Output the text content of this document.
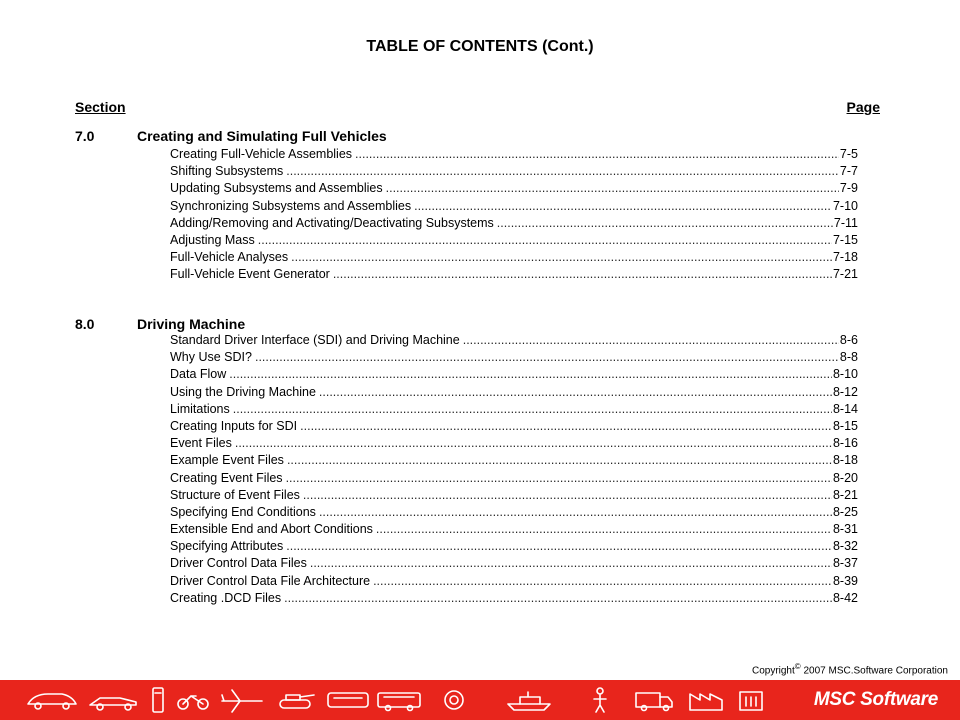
TABLE OF CONTENTS (Cont.)
Section	Page
7.0	Creating and Simulating Full Vehicles
Creating Full-Vehicle Assemblies .....	7-5
Shifting Subsystems .....	7-7
Updating Subsystems and Assemblies .....	7-9
Synchronizing Subsystems and Assemblies .....	7-10
Adding/Removing and Activating/Deactivating Subsystems .....	7-11
Adjusting Mass .....	7-15
Full-Vehicle Analyses .....	7-18
Full-Vehicle Event Generator .....	7-21
8.0	Driving Machine
Standard Driver Interface (SDI) and Driving Machine .....	8-6
Why Use SDI? .....	8-8
Data Flow .....	8-10
Using the Driving Machine .....	8-12
Limitations .....	8-14
Creating Inputs for SDI .....	8-15
Event Files .....	8-16
Example Event Files .....	8-18
Creating Event Files .....	8-20
Structure of Event Files .....	8-21
Specifying End Conditions .....	8-25
Extensible End and Abort Conditions .....	8-31
Specifying Attributes .....	8-32
Driver Control Data Files .....	8-37
Driver Control Data File Architecture .....	8-39
Creating .DCD Files .....	8-42
Copyright© 2007 MSC.Software Corporation
MSC Software
